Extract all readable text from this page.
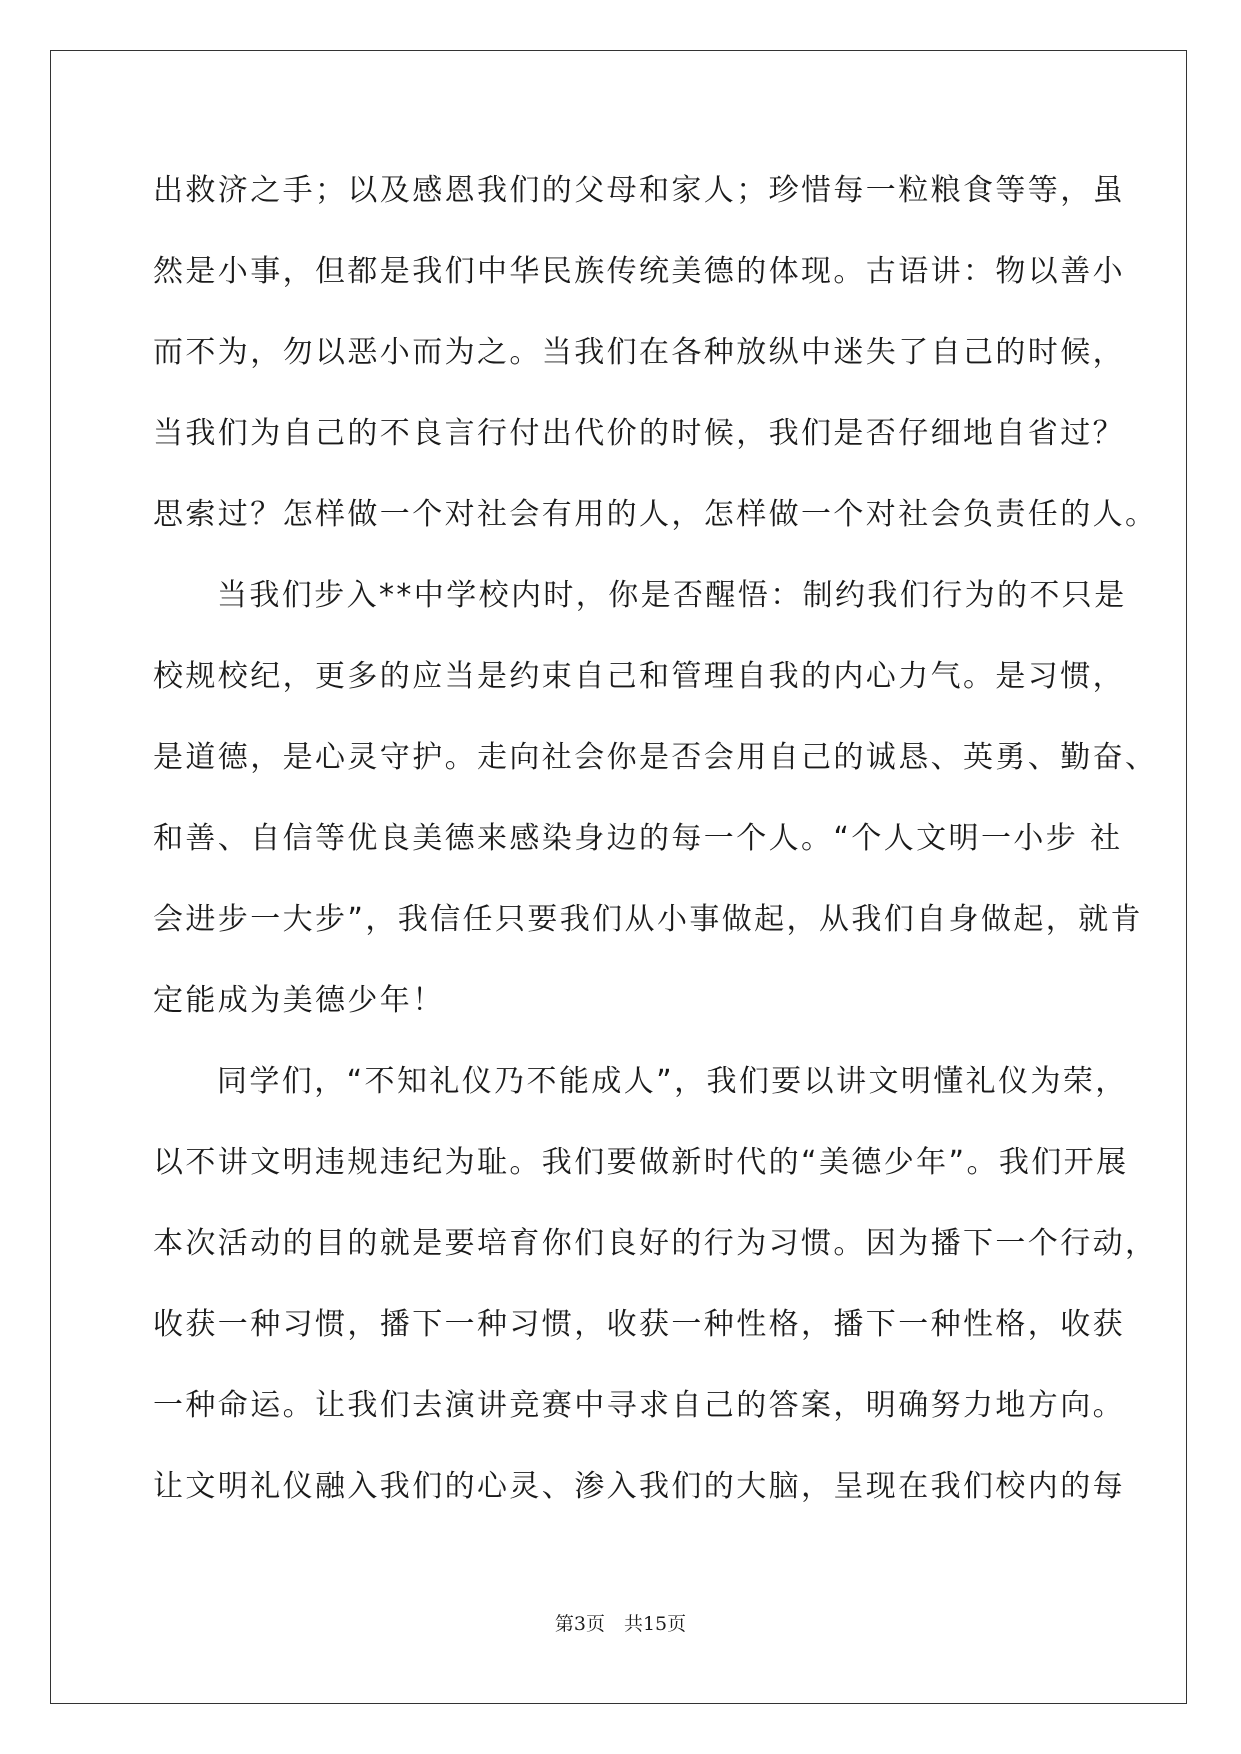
出救济之手；以及感恩我们的父母和家人；珍惜每一粒粮食等等，虽
然是小事，但都是我们中华民族传统美德的体现。古语讲：物以善小
而不为，勿以恶小而为之。当我们在各种放纵中迷失了自己的时候，
当我们为自己的不良言行付出代价的时候，我们是否仔细地自省过？
思索过？怎样做一个对社会有用的人，怎样做一个对社会负责任的人。
当我们步入**中学校内时，你是否醒悟：制约我们行为的不只是
校规校纪，更多的应当是约束自己和管理自我的内心力气。是习惯，
是道德，是心灵守护。走向社会你是否会用自己的诚恳、英勇、勤奋、
和善、自信等优良美德来感染身边的每一个人。“个人文明一小步 社
会进步一大步”，我信任只要我们从小事做起，从我们自身做起，就肯
定能成为美德少年！
同学们，“不知礼仪乃不能成人”，我们要以讲文明懂礼仪为荣，
以不讲文明违规违纪为耻。我们要做新时代的“美德少年”。我们开展
本次活动的目的就是要培育你们良好的行为习惯。因为播下一个行动，
收获一种习惯，播下一种习惯，收获一种性格，播下一种性格，收获
一种命运。让我们去演讲竞赛中寻求自己的答案，明确努力地方向。
让文明礼仪融入我们的心灵、渗入我们的大脑，呈现在我们校内的每
第3页　共15页
